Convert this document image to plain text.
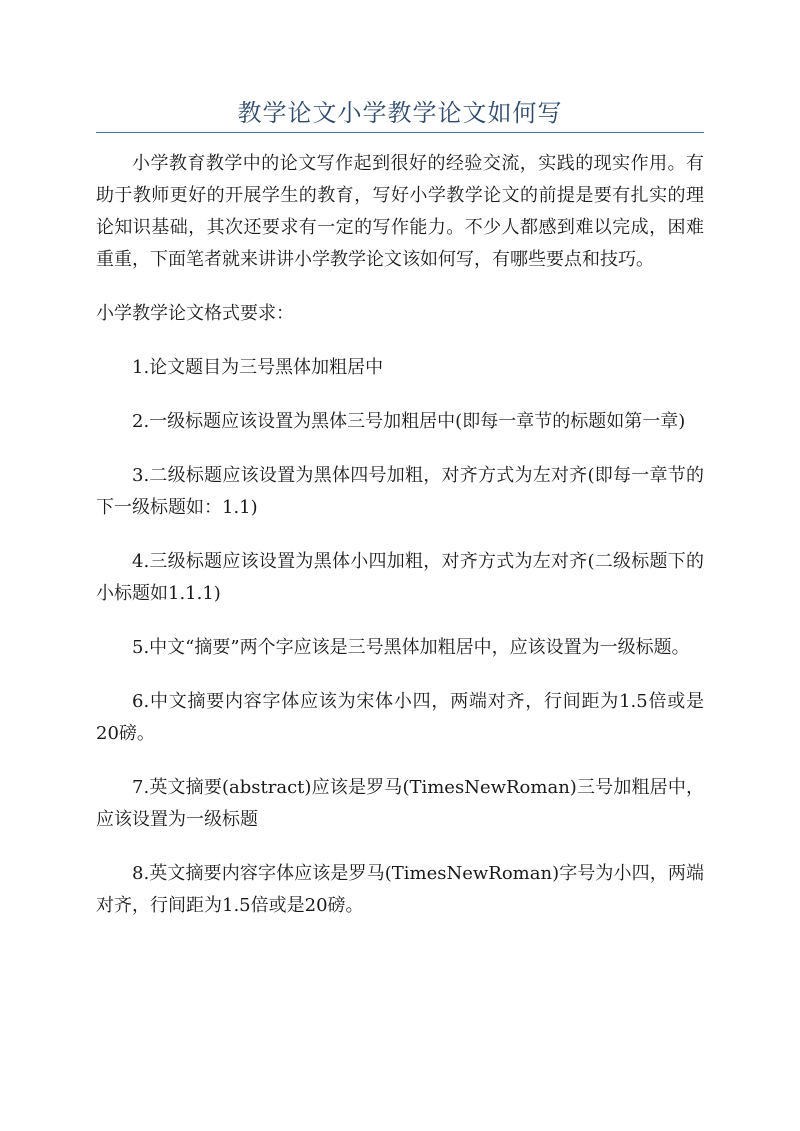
教学论文小学教学论文如何写

小学教育教学中的论文写作起到很好的经验交流，实践的现实作用。有助于教师更好的开展学生的教育，写好小学教学论文的前提是要有扎实的理论知识基础，其次还要求有一定的写作能力。不少人都感到难以完成，困难重重，下面笔者就来讲讲小学教学论文该如何写，有哪些要点和技巧。

小学教学论文格式要求：

1.论文题目为三号黑体加粗居中

2.一级标题应该设置为黑体三号加粗居中(即每一章节的标题如第一章)

3.二级标题应该设置为黑体四号加粗，对齐方式为左对齐(即每一章节的下一级标题如：1.1)

4.三级标题应该设置为黑体小四加粗，对齐方式为左对齐(二级标题下的小标题如1.1.1)

5.中文“摘要”两个字应该是三号黑体加粗居中，应该设置为一级标题。

6.中文摘要内容字体应该为宋体小四，两端对齐，行间距为1.5倍或是20磅。

7.英文摘要(abstract)应该是罗马(TimesNewRoman)三号加粗居中，应该设置为一级标题

8.英文摘要内容字体应该是罗马(TimesNewRoman)字号为小四，两端对齐，行间距为1.5倍或是20磅。
